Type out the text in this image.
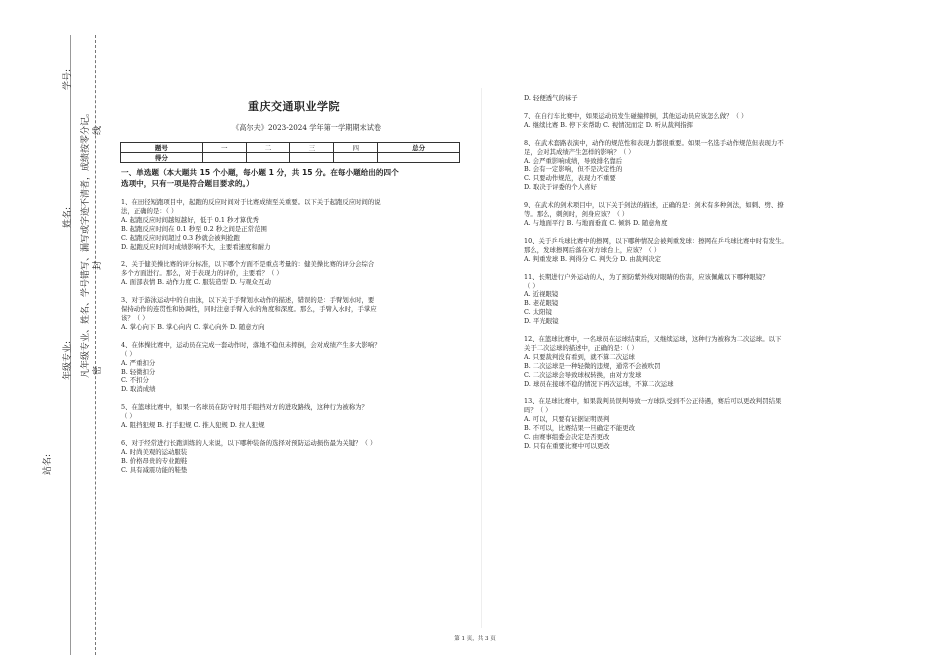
学号:
姓名:
年级专业:
站名:
凡年级专业、姓名、学号错写、漏写或字迹不清者，成绩按零分记。 线
封
密
重庆交通职业学院
《高尔夫》2023-2024 学年第一学期期末试卷
题号	一	二	三	四	总分
得分					

一、单选题（本大题共 15 个小题，每小题 1 分，共 15 分。在每小题给出的四个

选项中，只有一项是符合题目要求的。）

1、在田径短跑项目中，起跑的反应时间对于比赛成绩至关重要。以下关于起跑反应时间的说

法，正确的是：（ ）

A. 起跑反应时间越短越好，低于 0.1 秒才算优秀

B. 起跑反应时间在 0.1 秒至 0.2 秒之间是正常范围

C. 起跑反应时间超过 0.3 秒就会被判抢跑

D. 起跑反应时间对成绩影响不大，主要看速度和耐力

2、关于健美操比赛的评分标准，以下哪个方面不是重点考量的：健美操比赛的评分会综合

多个方面进行。那么，对于表现力的评价，主要看？（ ）

A. 面部表情 B. 动作力度 C. 服装造型 D. 与观众互动

3、对于游泳运动中的自由泳，以下关于手臂划水动作的描述，错误的是：手臂划水时，要

保持动作的连贯性和协调性，同时注意手臂入水的角度和深度。那么，手臂入水时，手掌应

该？（ ）

A. 掌心向下 B. 掌心向内 C. 掌心向外 D. 随意方向

4、在体操比赛中，运动员在完成一套动作时，落地不稳但未摔倒，会对成绩产生多大影响？

（ ）

A. 严重扣分

B. 轻微扣分

C. 不扣分

D. 取消成绩

5、在篮球比赛中，如果一名球员在防守时用手阻挡对方的进攻路线，这种行为被称为？

（ ）

A. 阻挡犯规 B. 打手犯规 C. 推人犯规 D. 拉人犯规

6、对于经常进行长跑训练的人来说，以下哪种装备的选择对预防运动损伤最为关键？（ ）

A. 时尚美观的运动服装

B. 价格昂贵的专业跑鞋

C. 具有减震功能的鞋垫

D. 轻便透气的袜子

7、在自行车比赛中，如果运动员发生碰撞摔倒，其他运动员应该怎么做？（ ）

A. 继续比赛 B. 停下来帮助 C. 视情况而定 D. 听从裁判指挥

8、在武术套路表演中，动作的规范性和表现力都很重要。如果一名选手动作规范但表现力不

足，会对其成绩产生怎样的影响？（ ）

A. 会严重影响成绩，导致排名靠后

B. 会有一定影响，但不是决定性的

C. 只要动作规范，表现力不重要

D. 取决于评委的个人喜好

9、在武术的剑术项目中，以下关于剑法的描述，正确的是：剑术有多种剑法，如刺、劈、撩

等。那么，刺剑时，剑身应该？（ ）

A. 与地面平行 B. 与地面垂直 C. 倾斜 D. 随意角度

10、关于乒乓球比赛中的擦网，以下哪种情况会被判重发球：擦网在乒乓球比赛中时有发生。

那么，发球擦网后落在对方球台上，应该？（ ）

A. 判重发球 B. 判得分 C. 判失分 D. 由裁判决定

11、长期进行户外运动的人，为了预防紫外线对眼睛的伤害，应该佩戴以下哪种眼镜？

（ ）

A. 近视眼镜

B. 老花眼镜

C. 太阳镜

D. 平光眼镜

12、在篮球比赛中，一名球员在运球结束后，又继续运球，这种行为被称为二次运球。以下

关于二次运球的描述中，正确的是：（ ）

A. 只要裁判没有看到，就不算二次运球

B. 二次运球是一种轻微的违规，通常不会被吹罚

C. 二次运球会导致球权转换，由对方发球

D. 球员在接球不稳的情况下再次运球，不算二次运球

13、在足球比赛中，如果裁判员误判导致一方球队受到不公正待遇，赛后可以更改判罚结果

吗？（ ）

A. 可以，只要有证据证明误判

B. 不可以，比赛结果一旦确定不能更改

C. 由赛事组委会决定是否更改

D. 只有在重要比赛中可以更改

第 1 页，共 3 页
